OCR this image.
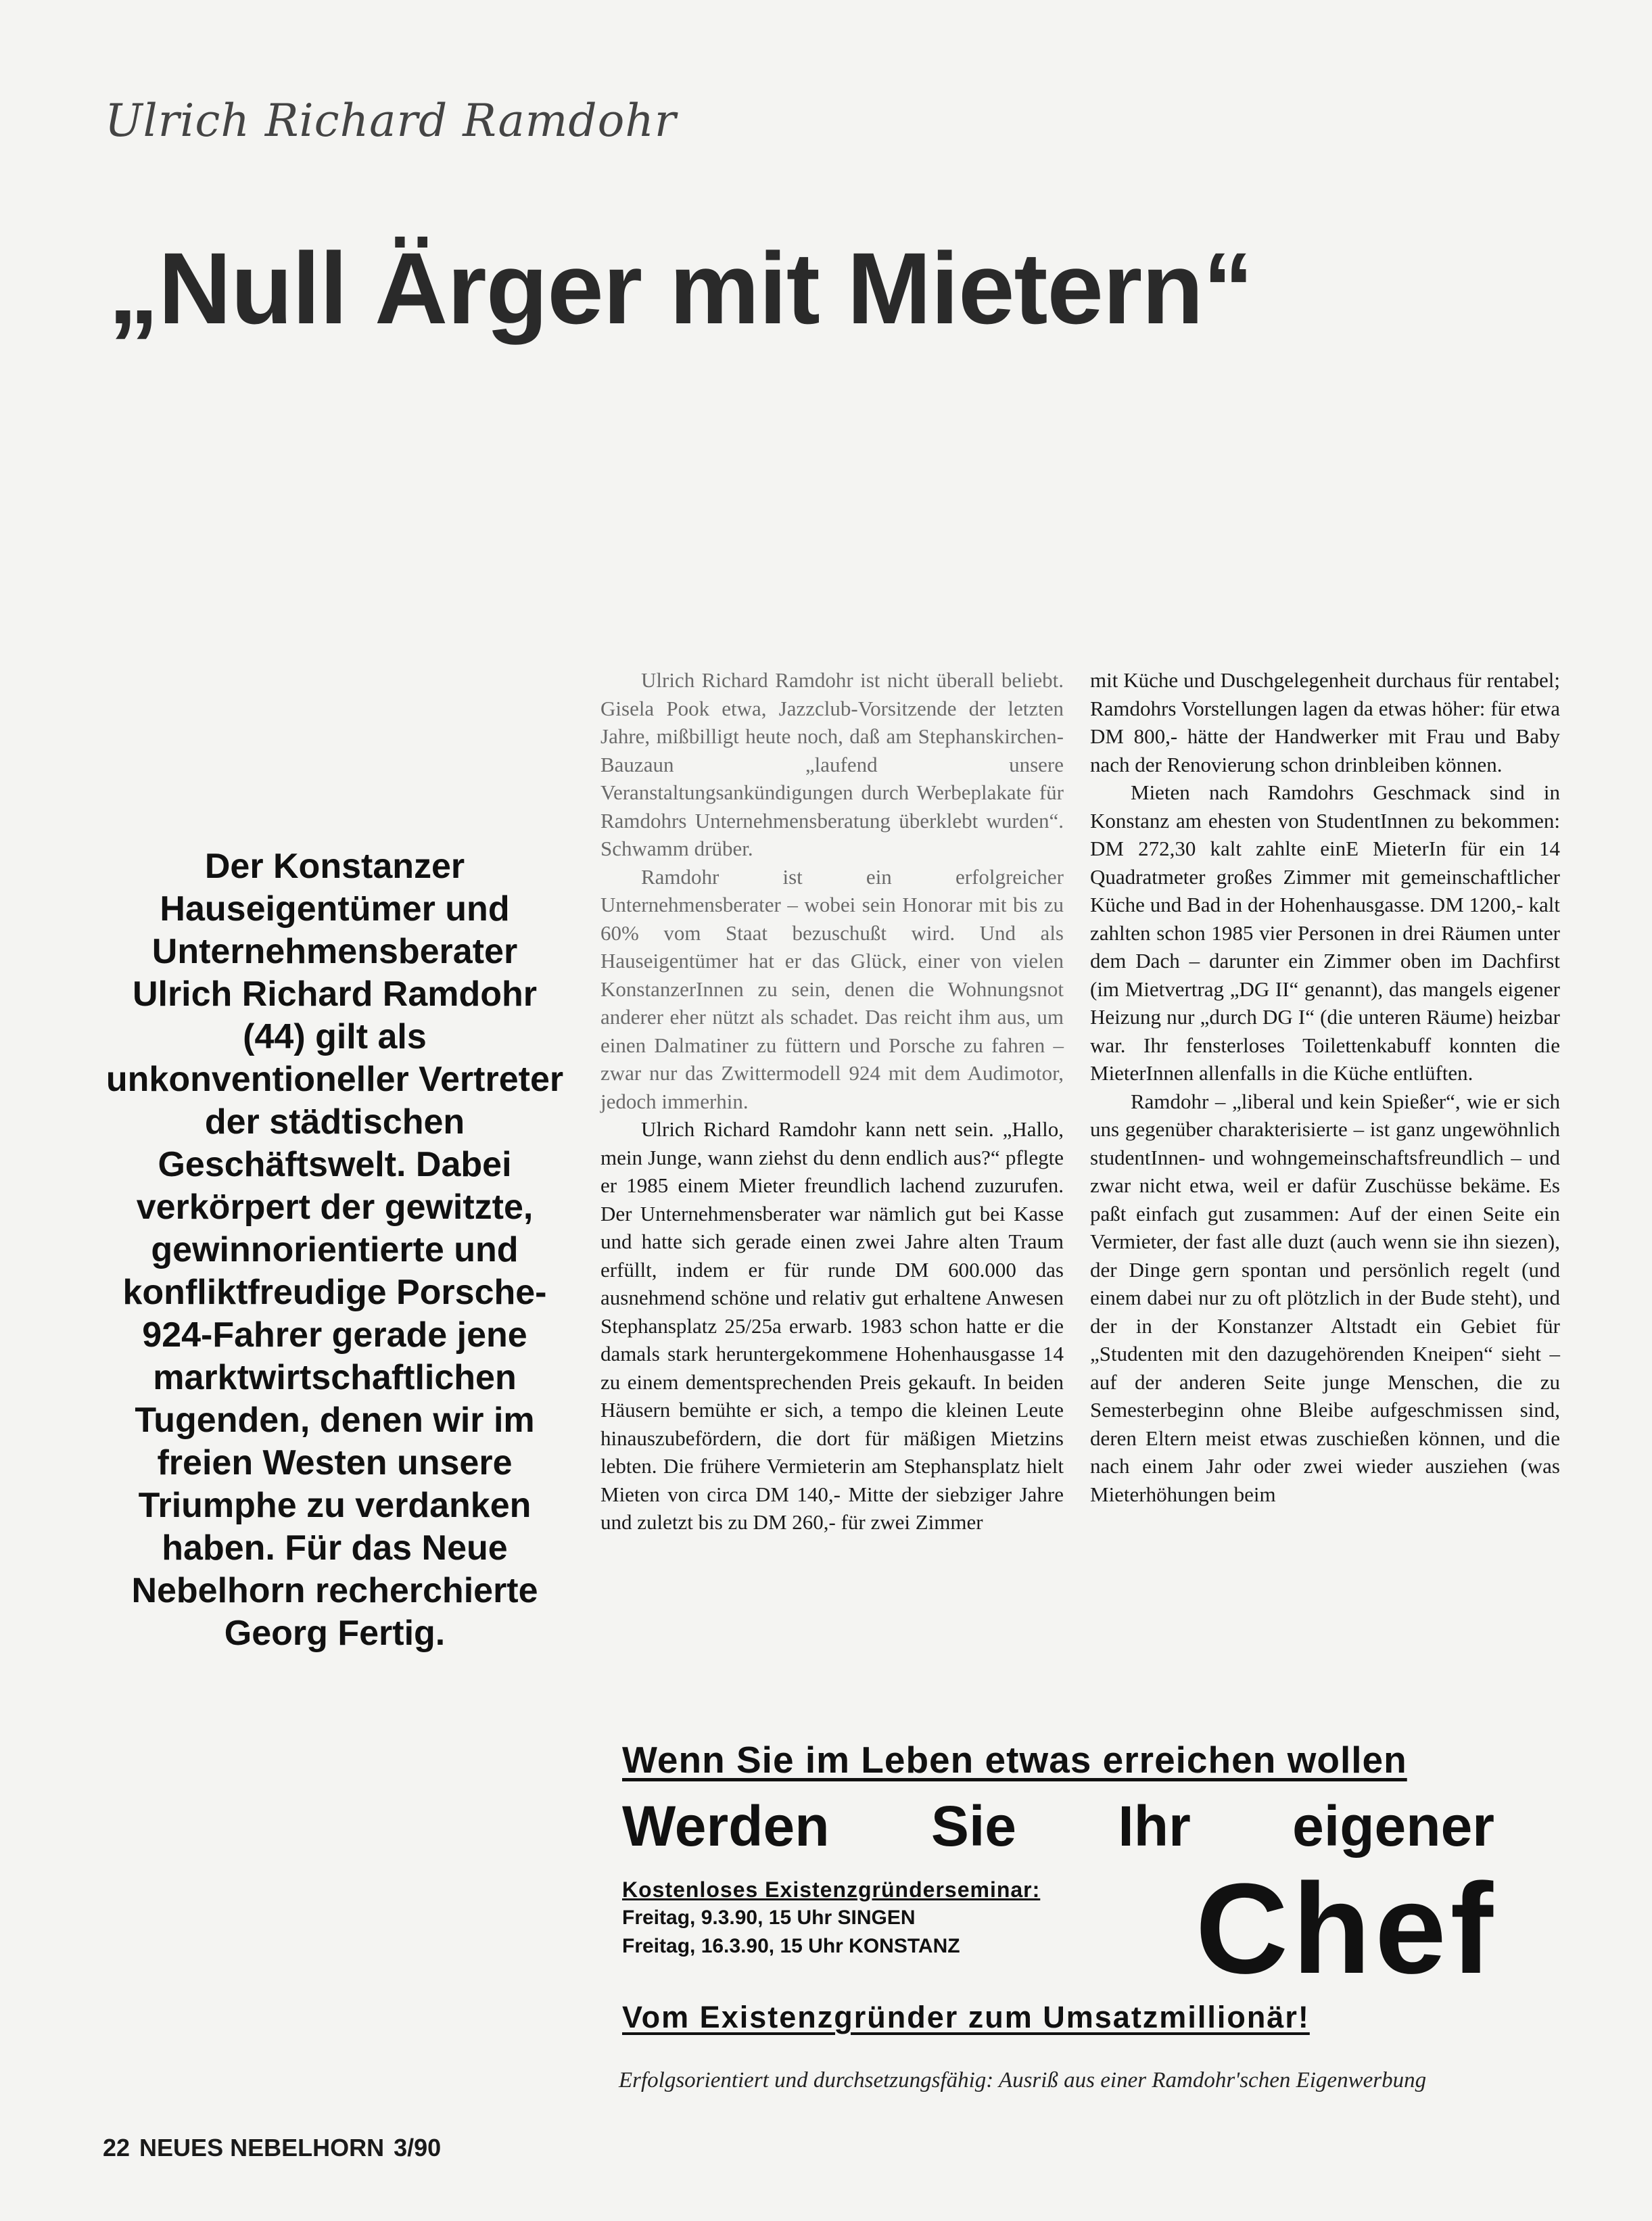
Ulrich Richard Ramdohr
„Null Ärger mit Mietern“
Der Konstanzer Hauseigentümer und Unternehmensberater Ulrich Richard Ramdohr (44) gilt als unkonventioneller Vertreter der städtischen Geschäftswelt. Dabei verkörpert der gewitzte, gewinnorientierte und konfliktfreudige Porsche-924-Fahrer gerade jene marktwirtschaftlichen Tugenden, denen wir im freien Westen unsere Triumphe zu verdanken haben. Für das Neue Nebelhorn recherchierte Georg Fertig.

Ulrich Richard Ramdohr ist nicht überall beliebt. Gisela Pook etwa, Jazzclub-Vorsitzende der letzten Jahre, mißbilligt heute noch, daß am Stephanskirchen-Bauzaun „laufend unsere Veranstaltungsankündigungen durch Werbeplakate für Ramdohrs Unternehmensberatung überklebt wurden“. Schwamm drüber.

Ramdohr ist ein erfolgreicher Unternehmensberater – wobei sein Honorar mit bis zu 60% vom Staat bezuschußt wird. Und als Hauseigentümer hat er das Glück, einer von vielen KonstanzerInnen zu sein, denen die Wohnungsnot anderer eher nützt als schadet. Das reicht ihm aus, um einen Dalmatiner zu füttern und Porsche zu fahren – zwar nur das Zwittermodell 924 mit dem Audimotor, jedoch immerhin.

Ulrich Richard Ramdohr kann nett sein. „Hallo, mein Junge, wann ziehst du denn endlich aus?“ pflegte er 1985 einem Mieter freundlich lachend zuzurufen. Der Unternehmensberater war nämlich gut bei Kasse und hatte sich gerade einen zwei Jahre alten Traum erfüllt, indem er für runde DM 600.000 das ausnehmend schöne und relativ gut erhaltene Anwesen Stephansplatz 25/25a erwarb. 1983 schon hatte er die damals stark heruntergekommene Hohenhausgasse 14 zu einem dementsprechenden Preis gekauft. In beiden Häusern bemühte er sich, a tempo die kleinen Leute hinauszubefördern, die dort für mäßigen Mietzins lebten. Die frühere Vermieterin am Stephansplatz hielt Mieten von circa DM 140,- Mitte der siebziger Jahre und zuletzt bis zu DM 260,- für zwei Zimmer

mit Küche und Duschgelegenheit durchaus für rentabel; Ramdohrs Vorstellungen lagen da etwas höher: für etwa DM 800,- hätte der Handwerker mit Frau und Baby nach der Renovierung schon drinbleiben können.

Mieten nach Ramdohrs Geschmack sind in Konstanz am ehesten von StudentInnen zu bekommen: DM 272,30 kalt zahlte einE MieterIn für ein 14 Quadratmeter großes Zimmer mit gemeinschaftlicher Küche und Bad in der Hohenhausgasse. DM 1200,- kalt zahlten schon 1985 vier Personen in drei Räumen unter dem Dach – darunter ein Zimmer oben im Dachfirst (im Mietvertrag „DG II“ genannt), das mangels eigener Heizung nur „durch DG I“ (die unteren Räume) heizbar war. Ihr fensterloses Toilettenkabuff konnten die MieterInnen allenfalls in die Küche entlüften.

Ramdohr – „liberal und kein Spießer“, wie er sich uns gegenüber charakterisierte – ist ganz ungewöhnlich studentInnen- und wohngemeinschaftsfreundlich – und zwar nicht etwa, weil er dafür Zuschüsse bekäme. Es paßt einfach gut zusammen: Auf der einen Seite ein Vermieter, der fast alle duzt (auch wenn sie ihn siezen), der Dinge gern spontan und persönlich regelt (und einem dabei nur zu oft plötzlich in der Bude steht), und der in der Konstanzer Altstadt ein Gebiet für „Studenten mit den dazugehörenden Kneipen“ sieht – auf der anderen Seite junge Menschen, die zu Semesterbeginn ohne Bleibe aufgeschmissen sind, deren Eltern meist etwas zuschießen können, und die nach einem Jahr oder zwei wieder ausziehen (was Mieterhöhungen beim

Wenn Sie im Leben etwas erreichen wollen
Werden Sie Ihr eigener
Kostenloses Existenzgründerseminar:
Freitag, 9.3.90, 15 Uhr SINGEN
Freitag, 16.3.90, 15 Uhr KONSTANZ	Chef
Vom Existenzgründer zum Umsatzmillionär!
Erfolgsorientiert und durchsetzungsfähig: Ausriß aus einer Ramdohr'schen Eigenwerbung
22 NEUES NEBELHORN 3/90
